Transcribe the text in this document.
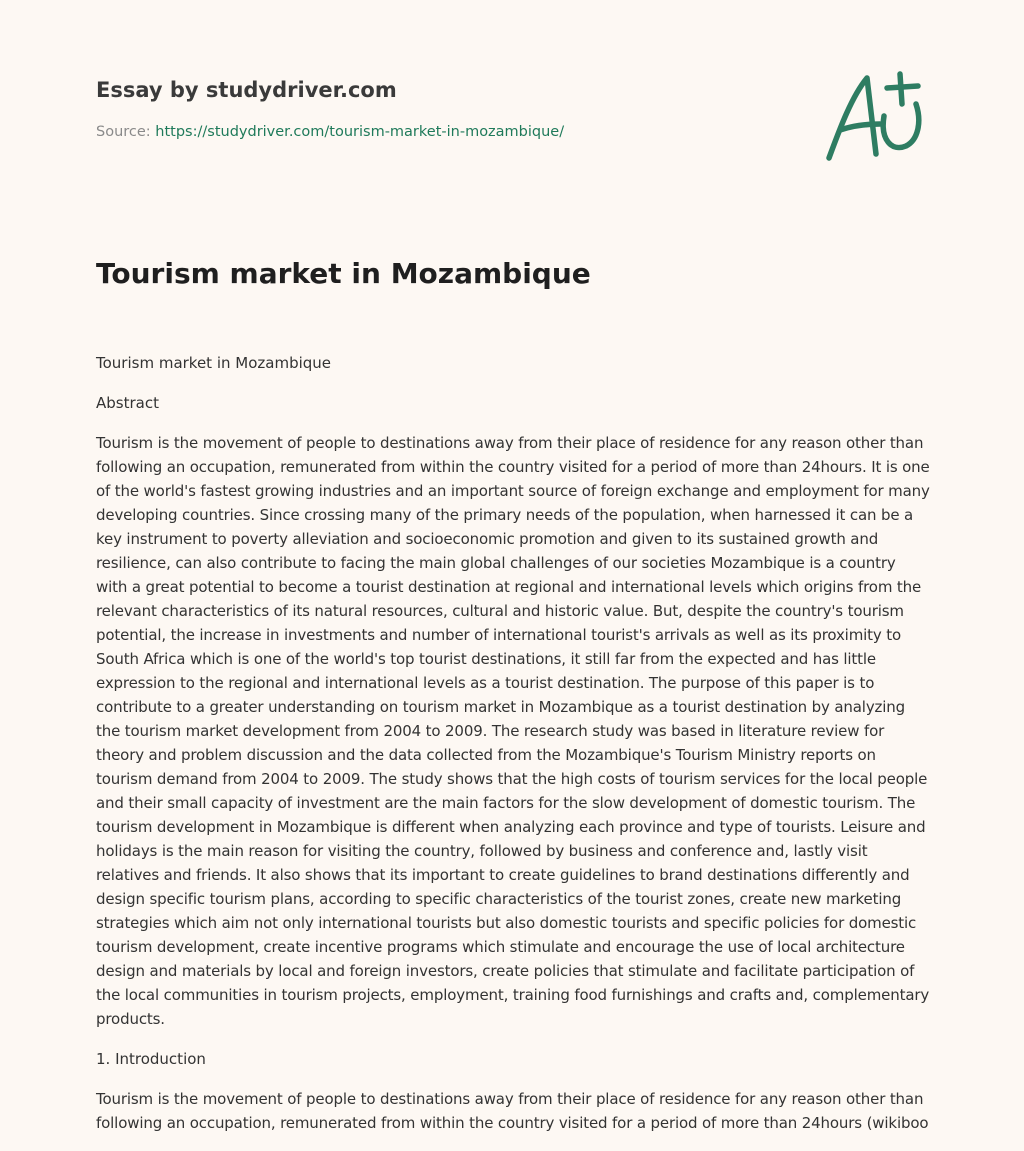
Essay by studydriver.com
Source: https://studydriver.com/tourism-market-in-mozambique/
Tourism market in Mozambique

Tourism market in Mozambique

Abstract

Tourism is the movement of people to destinations away from their place of residence for any reason other than following an occupation, remunerated from within the country visited for a period of more than 24hours. It is one of the world's fastest growing industries and an important source of foreign exchange and employment for many developing countries. Since crossing many of the primary needs of the population, when harnessed it can be a key instrument to poverty alleviation and socioeconomic promotion and given to its sustained growth and resilience, can also contribute to facing the main global challenges of our societies Mozambique is a country with a great potential to become a tourist destination at regional and international levels which origins from the relevant characteristics of its natural resources, cultural and historic value. But, despite the country's tourism potential, the increase in investments and number of international tourist's arrivals as well as its proximity to South Africa which is one of the world's top tourist destinations, it still far from the expected and has little expression to the regional and international levels as a tourist destination. The purpose of this paper is to contribute to a greater understanding on tourism market in Mozambique as a tourist destination by analyzing the tourism market development from 2004 to 2009. The research study was based in literature review for theory and problem discussion and the data collected from the Mozambique's Tourism Ministry reports on tourism demand from 2004 to 2009. The study shows that the high costs of tourism services for the local people and their small capacity of investment are the main factors for the slow development of domestic tourism. The tourism development in Mozambique is different when analyzing each province and type of tourists. Leisure and holidays is the main reason for visiting the country, followed by business and conference and, lastly visit relatives and friends. It also shows that its important to create guidelines to brand destinations differently and design specific tourism plans, according to specific characteristics of the tourist zones, create new marketing strategies which aim not only international tourists but also domestic tourists and specific policies for domestic tourism development, create incentive programs which stimulate and encourage the use of local architecture design and materials by local and foreign investors, create policies that stimulate and facilitate participation of the local communities in tourism projects, employment, training food furnishings and crafts and, complementary products.

1. Introduction

Tourism is the movement of people to destinations away from their place of residence for any reason other than
following an occupation, remunerated from within the country visited for a period of more than 24hours (wikiboo
